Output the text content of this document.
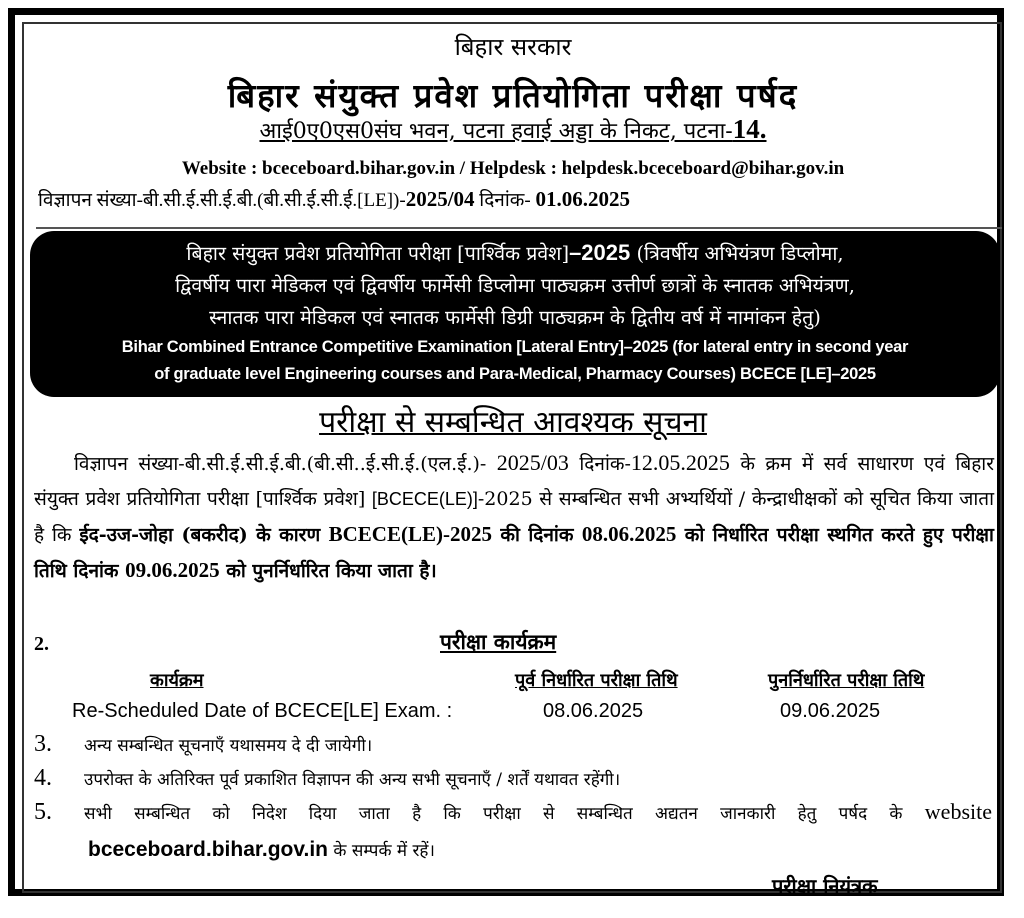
बिहार सरकार
बिहार संयुक्त प्रवेश प्रतियोगिता परीक्षा पर्षद
आई0ए0एस0संघ भवन, पटना हवाई अड्डा के निकट, पटना-14.
Website : bceceboard.bihar.gov.in / Helpdesk : helpdesk.bceceboard@bihar.gov.in
विज्ञापन संख्या-बी.सी.ई.सी.ई.बी.(बी.सी.ई.सी.ई.[LE])-2025/04 दिनांक- 01.06.2025
बिहार संयुक्त प्रवेश प्रतियोगिता परीक्षा [पार्श्विक प्रवेश]–2025 (त्रिवर्षीय अभियंत्रण डिप्लोमा,
द्विवर्षीय पारा मेडिकल एवं द्विवर्षीय फार्मेसी डिप्लोमा पाठ्यक्रम उत्तीर्ण छात्रों के स्नातक अभियंत्रण,
स्नातक पारा मेडिकल एवं स्नातक फार्मेसी डिग्री पाठ्यक्रम के द्वितीय वर्ष में नामांकन हेतु)
Bihar Combined Entrance Competitive Examination [Lateral Entry]–2025 (for lateral entry in second year
of graduate level Engineering courses and Para-Medical, Pharmacy Courses) BCECE [LE]–2025
परीक्षा से सम्बन्धित आवश्यक सूचना
विज्ञापन संख्या-बी.सी.ई.सी.ई.बी.(बी.सी..ई.सी.ई.(एल.ई.)- 2025/03 दिनांक-12.05.2025 के क्रम में सर्व साधारण एवं बिहार संयुक्त प्रवेश प्रतियोगिता परीक्षा [पार्श्विक प्रवेश] [BCECE(LE)]-2025 से सम्बन्धित सभी अभ्यर्थियों / केन्द्राधीक्षकों को सूचित किया जाता है कि ईद-उज-जोहा (बकरीद) के कारण BCECE(LE)-2025 की दिनांक 08.06.2025 को निर्धारित परीक्षा स्थगित करते हुए परीक्षा तिथि दिनांक 09.06.2025 को पुनर्निर्धारित किया जाता है।
2.	परीक्षा कार्यक्रम
कार्यक्रम	पूर्व निर्धारित परीक्षा तिथि	पुनर्निर्धारित परीक्षा तिथि
Re-Scheduled Date of BCECE[LE] Exam. :	08.06.2025	09.06.2025
3. अन्य सम्बन्धित सूचनाएँ यथासमय दे दी जायेगी।
4. उपरोक्त के अतिरिक्त पूर्व प्रकाशित विज्ञापन की अन्य सभी सूचनाएँ / शर्तें यथावत रहेंगी।
5. सभी सम्बन्धित को निदेश दिया जाता है कि परीक्षा से सम्बन्धित अद्यतन जानकारी हेतु पर्षद के website
bceceboard.bihar.gov.in के सम्पर्क में रहें।
परीक्षा नियंत्रक
